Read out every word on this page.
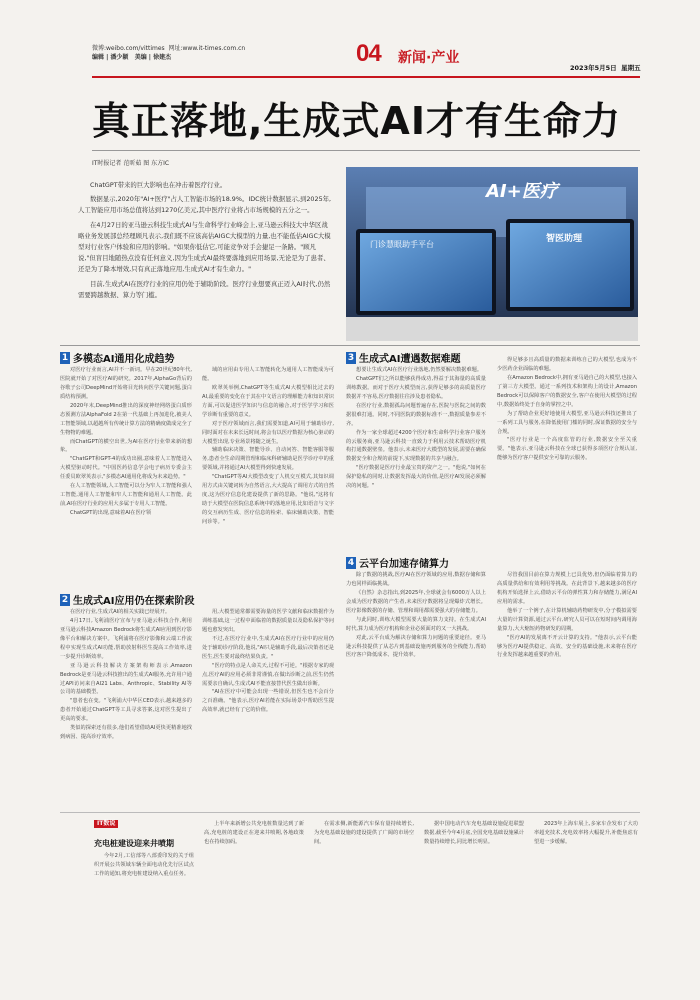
微博:weibo.com/vittimes 网址:www.it-times.com.cn
编辑 | 潘少颖 美编 | 徐建杰	04 新闻·产业
2023年5月5日 星期五
真正落地,生成式AI才有生命力
IT时报记者 范昕茹 图 东方IC

ChatGPT带来的巨大影响也在冲击着医疗行业。

数据显示,2020年"AI+医疗"占人工智能市场的18.9%。IDC统计数据显示,到2025年,人工智能应用市场总值将达到1270亿美元,其中医疗行业将占市场规模的五分之一。

在4月27日的亚马逊云科技生成式AI与生命科学行业峰会上,亚马逊云科技大中华区战略业务发展部总经理顾凡表示,我们既不应该高估AIGC大模型的力量,也不能低估AIGC大模型对行业客户体验和应用的影响。"如果你低估它,可能竞争对手会捷足一条路。"顾凡说,"但盲目地随热点没有任何意义,因为生成式AI最终要落地到应用场景,无论是为了患者、还是为了降本增效,只有真正落地应用,生成式AI才有生命力。"

目前,生成式AI在医疗行业的应用仍处于辅助阶段。医疗行业想要真正迈入AI时代,仍然需要跨越数据、算力等门槛。

AI+医疗
门诊慧眼助手平台
智医助理
1 多模态AI通用化成趋势

对医疗行业而言,AI并不一新词。早在20世纪80年代,医院就开始了对医疗AI的研究。2017年,AlphaGo背后的谷歌子公司DeepMind开始将目光转向医学关键问题,蛋白质结构预测。

2020年末,DeepMind推出的深度神经网络蛋白质形态预测方法AlphaFold 2在第一代基础上再加进化,被美人工智能领域,以超越所有传统计算方法的精确度做成完全了生物物的难题。

而ChatGPT的横空出世,为AI在医疗行业带来新的想象。

"ChatGPT和GPT-4的成功出圈,意味着人工智能进入大模型驱动时代。"中国医药信息学会电子病历专委会主任委员欧翠英表示,"多模态AI通用化将成为未来趋势。"

在人工智能领域,人工智能可以分为窄人工智能和强人工智能,通用人工智能和窄人工智能和通用人工智能。此前,AI在医疗行业的应用大多属于专用人工智能。

ChatGPT的出现,意味着AI在医疗领

域的应用由专用人工智能转化为通用人工智能成为可能。

欧翠英举例,ChatGPT等生成式AI大模型相比过去的AI,最重要的变化在于其在中文语言的理解能力和知识常识方面,可以促进医学知识与信息的融合,对于医学学习和医学诊断有重要的意义。

对于医疗领域而言,我们需要知道,AI可用于辅助诊疗,同时面对在未来长远时间,将会有以医疗数据为核心驱动的大模型出现,专业场景将随之诞生。

辅助临床决策、智能导诊、自动问答、智能客服等服务,患者全生命周期管理和临床科研辅助是医学诊疗中的重要领域,并将通过AI大模型得到快速发展。

"ChatGPT等AI大模型改变了人机交互模式,其知识调用方式由关键词转为自然语言,大大提高了调用方式的自然度,这为医疗信息化建设提供了新的思路。"他说,"这将有助于大模型在医院信息系统中的落地应用,比如语音与文字的交互病历生成、医疗信息的检索、临床辅助决策、智能问诊等。"

2 生成式AI应用仍在探索阶段

在医疗行业,生成式AI的相关实践已经展开。

4月17日,飞利浦医疗宣布与亚马逊云科技合作,利用亚马逊云科技Amazon Bedrock将生成式AI应用到医疗影像平台和解决方案中。飞利浦将在医疗影像和云端工作流程中实现生成式AI功能,帮助放射科医生提高工作效率,进一步提升诊断效率。

亚马逊云科技解决方案架构师表示,Amazon Bedrock是亚马逊云科技推出的生成式AI服务,允许用户通过API访问来自AI21 Labs、Anthropic、Stability AI等公司的基础模型。

"患者也在变。"飞利浦大中华区CEO表示,越来越多的患者开始通过ChatGPT等工具寻求答案,这对医生提出了更高的要求。

类似的探索还有很多,他们希望借助AI更快更精准地找到病因、提高诊疗效率。

用,大模型通常都需要海量的医学文献和临床数据作为训练基础,这一过程中面临着的数据质量以及隐私保护等问题也愈发突出。

不过,在医疗行业中,生成式AI在医疗行业中的应用仍处于辅助诊疗阶段,他说,"AI只是辅助手段,最后决策者还是医生,医生要对最终结果负责。"

"医疗的特点是人命关天,过程不可逆。"根据专家的观点,医疗AI的应用必须非常谨慎,在做出诊断之前,医生仍然需要亲自确认,生成式AI不能直接替代医生做出诊断。

"AI在医疗中可能会出现一些错误,但医生也不会百分之百准确。"他表示,医疗AI若能在实际场景中帮助医生提高效率,就已经有了它的价值。

3 生成式AI遭遇数据难题

想要让生成式AI在医疗行业落地,仍然要解决数据难题。

ChatGPT们之所以能够获得成功,得益于其海量的高质量训练数据。而对于医疗大模型而言,获得足够多的高质量医疗数据并不容易,医疗数据往往涉及患者隐私。

在医疗行业,数据孤岛问题普遍存在,医院与医院之间的数据很难打通。同时,不同医院的数据标准不一,数据质量参差不齐。

作为一家全球超过4200个医疗和生命科学行业客户服务的云服务商,亚马逊云科技一直致力于利用云技术帮助医疗机构打通数据壁垒。他表示,未来医疗大模型的发展,需要在确保数据安全和合规的前提下,实现数据的共享与融合。

"医疗数据是医疗行业最宝贵的资产之一。"他说,"如何在保护隐私的同时,让数据发挥最大的价值,是医疗AI发展必须解决的问题。"

得足够多且高质量的数据来训练自己的大模型,也成为不少医药企业面临的难题。

在Amazon Bedrock中,拥有亚马逊自己的大模型,也接入了第三方大模型。通过一系列技术和架构上的设计,Amazon Bedrock可以保障客户的数据安全,客户在使用大模型的过程中,数据始终处于自身的掌控之中。

为了帮助企业更好地使用大模型,亚马逊云科技还推出了一系列工具与服务,在降低使用门槛的同时,保证数据的安全与合规。

"医疗行业是一个高度监管的行业,数据安全至关重要。"他表示,亚马逊云科技在全球已获得多项医疗合规认证,能够为医疗客户提供安全可靠的云服务。

4 云平台加速存储算力

除了数据的挑战,医疗AI在医疗领域的应用,数据存储和算力也同样面临挑战。

《自然》杂志指出,到2025年,全球就会有6000万人以上会成为医疗数据的产生者,未来医疗数据将呈现爆炸式增长。医疗影像数据的存储、管理和调用都需要强大的存储能力。

与此同时,训练大模型需要大量的算力支持。在生成式AI时代,算力成为医疗机构和企业必须面对的又一大挑战。

对此,云平台成为解决存储和算力问题的重要途径。亚马逊云科技提供了从芯片到基础设施再到服务的全栈能力,帮助医疗客户降低成本、提升效率。

尽管我国目前在算力规模上已具优势,但仍面临着算力的高质量供给和有效利用等挑战。在此背景下,越来越多的医疗机构开始选择上云,借助云平台的弹性算力和存储能力,满足AI应用的需求。

他举了一个例子,在计算机辅助药物研发中,分子模拟需要大量的计算资源,通过云平台,研究人员可以在短时间内调用海量算力,大大缩短药物研发的周期。

"医疗AI的发展离不开云计算的支持。"他表示,云平台能够为医疗AI提供稳定、高效、安全的基础设施,未来将在医疗行业发挥越来越重要的作用。

IT数说
充电桩建设迎来井喷期

今年2月,工信部等八部委印发的关于组织开展公共领域车辆全面电动化先行区试点工作的通知,将充电桩建设纳入重点任务。

上半年来新增公共充电桩数量达到了新高,充电桩的建设正在迎来井喷期,各地政策也在持续加码。

在需求侧,新能源汽车保有量持续增长,为充电基础设施的建设提供了广阔的市场空间。

据中国电动汽车充电基础设施促进联盟数据,截至今年4月底,全国充电基础设施累计数量持续增长,同比增长明显。

2023年上海车展上,多家车企发布了大功率超充技术,充电效率将大幅提升,补能焦虑有望进一步缓解。
